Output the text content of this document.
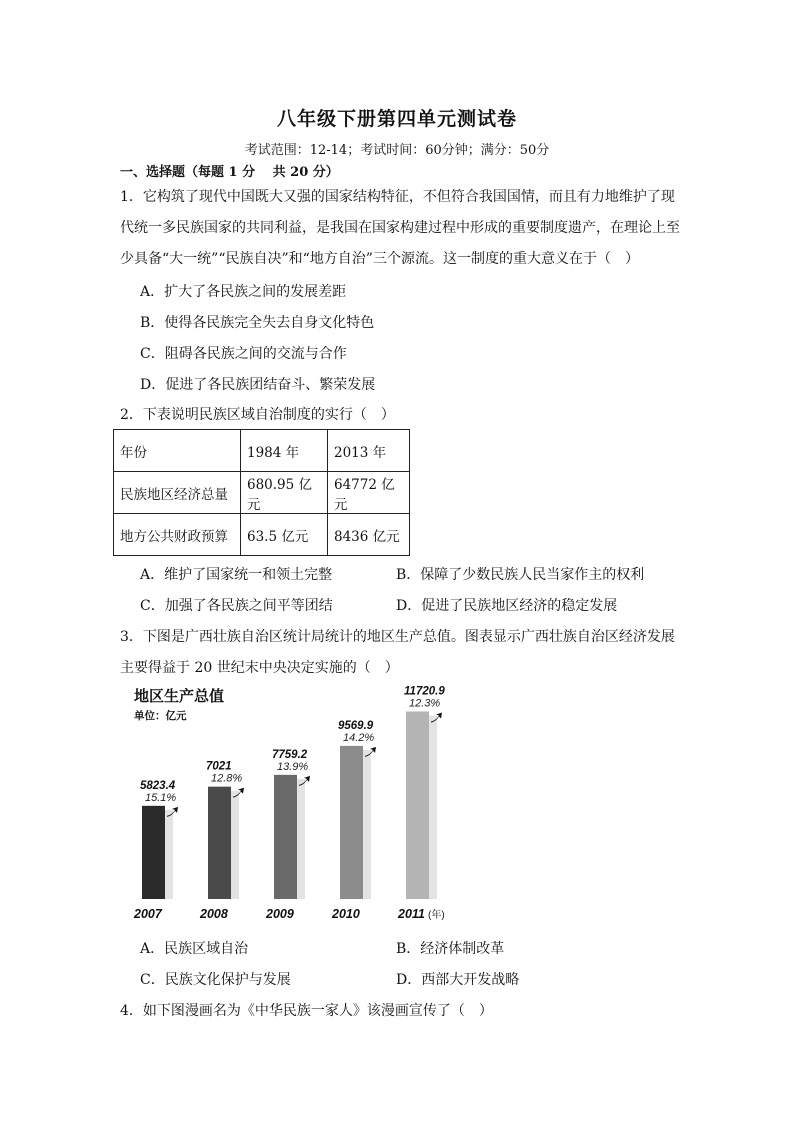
八年级下册第四单元测试卷
考试范围：12-14；考试时间：60分钟；满分：50分
一、选择题（每题 1 分　 共 20 分）
1．它构筑了现代中国既大又强的国家结构特征，不但符合我国国情，而且有力地维护了现
代统一多民族国家的共同利益，是我国在国家构建过程中形成的重要制度遗产，在理论上至
少具备“大一统”“民族自决”和“地方自治”三个源流。这一制度的重大意义在于（　）
A．扩大了各民族之间的发展差距
B．使得各民族完全失去自身文化特色
C．阻碍各民族之间的交流与合作
D．促进了各民族团结奋斗、繁荣发展
2．下表说明民族区域自治制度的实行（　）
年份	1984 年	2013 年
民族地区经济总量	680.95 亿元	64772 亿元
地方公共财政预算	63.5 亿元	8436 亿元
A．维护了国家统一和领土完整	B．保障了少数民族人民当家作主的权利
C．加强了各民族之间平等团结	D．促进了民族地区经济的稳定发展
3．下图是广西壮族自治区统计局统计的地区生产总值。图表显示广西壮族自治区经济发展
主要得益于 20 世纪末中央决定实施的（　）
地区生产总值
单位：亿元
5823.4
15.1%
2007
7021
12.8%
2008
7759.2
13.9%
2009
9569.9
14.2%
2010
11720.9
12.3%
2011 (年)
A．民族区域自治	B．经济体制改革
C．民族文化保护与发展	D．西部大开发战略
4．如下图漫画名为《中华民族一家人》该漫画宣传了（　）
